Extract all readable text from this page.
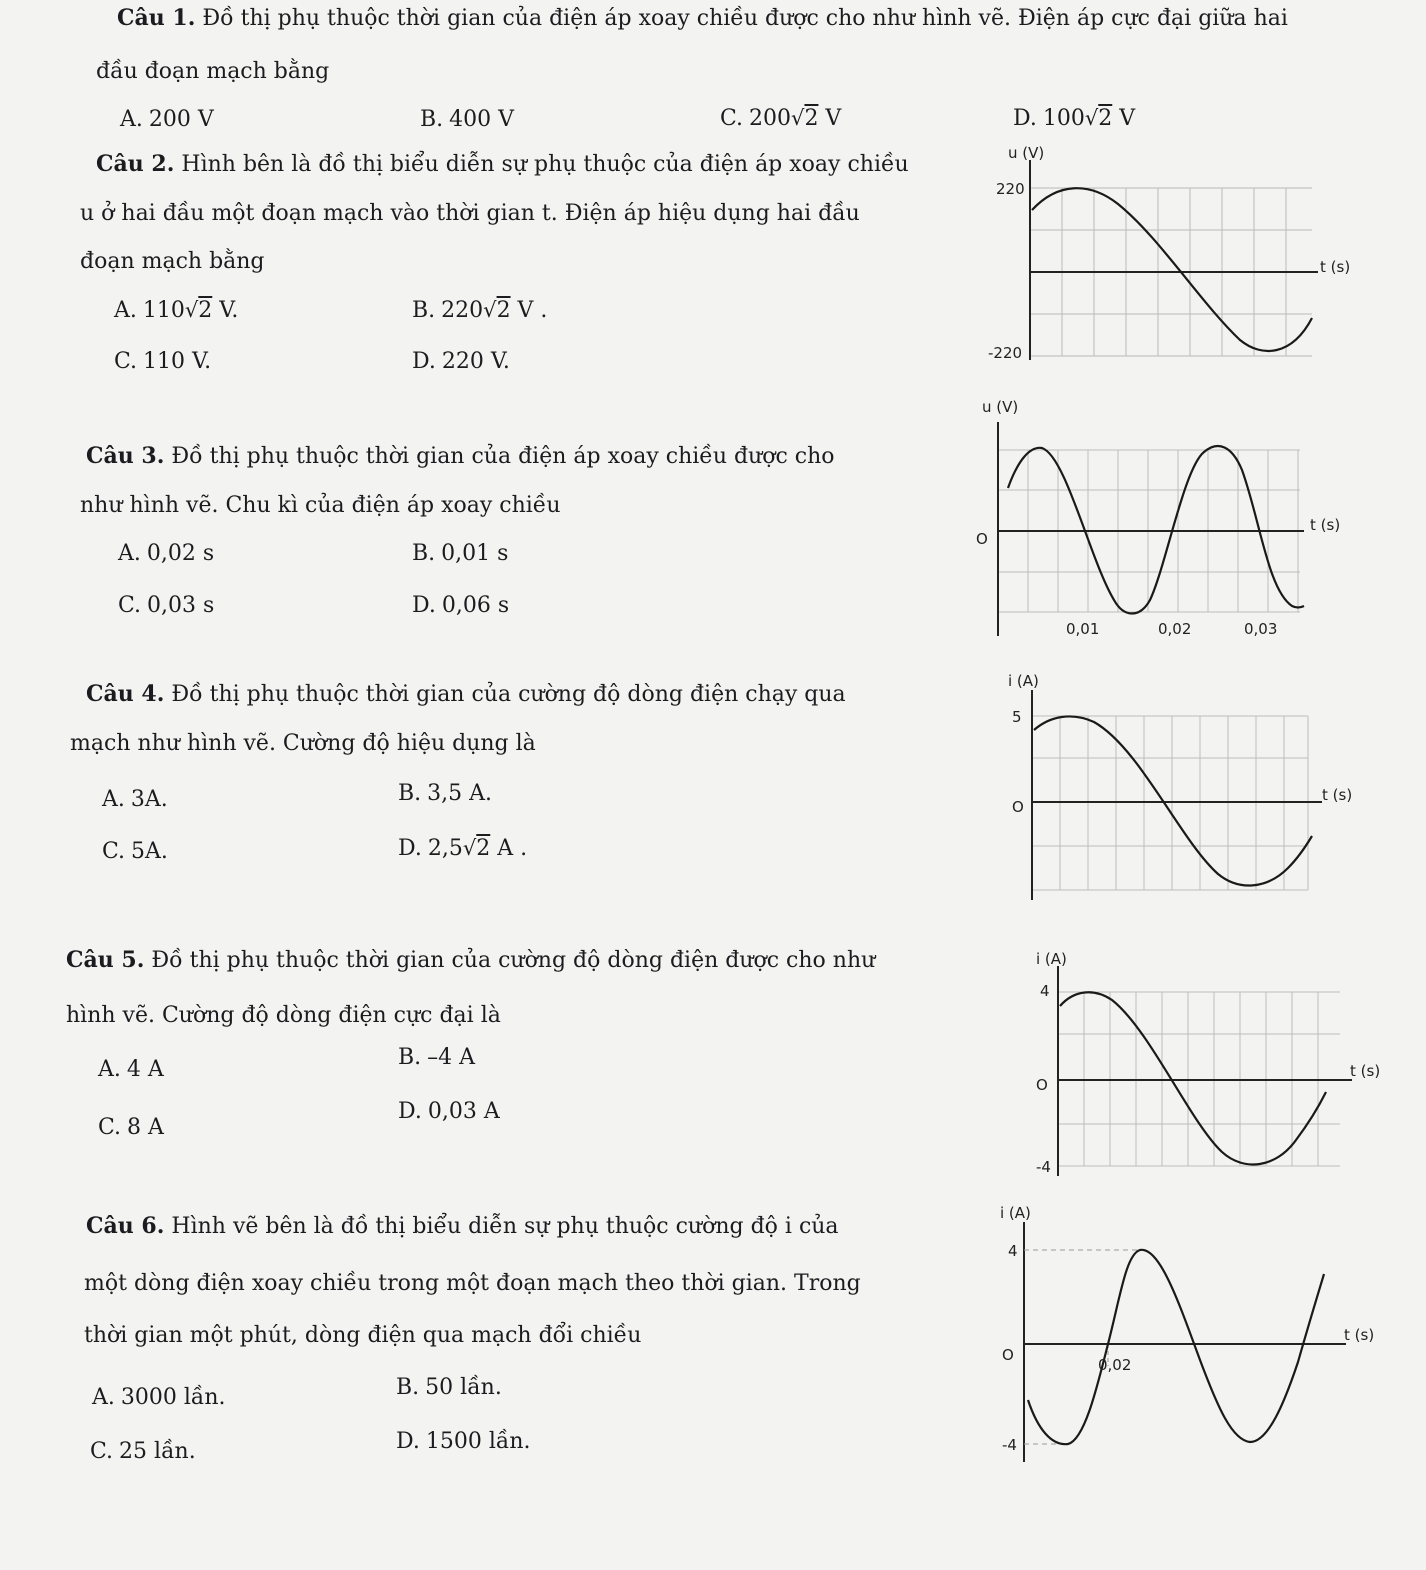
Câu 1. Đồ thị phụ thuộc thời gian của điện áp xoay chiều được cho như hình vẽ. Điện áp cực đại giữa hai
đầu đoạn mạch bằng
A. 200 V	B. 400 V	C. 200√2 V	D. 100√2 V
Câu 2. Hình bên là đồ thị biểu diễn sự phụ thuộc của điện áp xoay chiều
u ở hai đầu một đoạn mạch vào thời gian t. Điện áp hiệu dụng hai đầu
đoạn mạch bằng
A. 110√2 V.	B. 220√2 V .
C. 110 V.	D. 220 V.
u (V)
t (s)
220
-220
Câu 3. Đồ thị phụ thuộc thời gian của điện áp xoay chiều được cho
như hình vẽ. Chu kì của điện áp xoay chiều
A. 0,02 s	B. 0,01 s
C. 0,03 s	D. 0,06 s
u (V)
t (s)
O
0,01	0,02	0,03
Câu 4. Đồ thị phụ thuộc thời gian của cường độ dòng điện chạy qua
mạch như hình vẽ. Cường độ hiệu dụng là
A. 3A.	B. 3,5 A.
C. 5A.	D. 2,5√2 A .
i (A)
t (s)
O
5
Câu 5. Đồ thị phụ thuộc thời gian của cường độ dòng điện được cho như
hình vẽ. Cường độ dòng điện cực đại là
A. 4 A	B. –4 A
C. 8 A
D. 0,03 A
i (A)
t (s)
O
4
-4
Câu 6. Hình vẽ bên là đồ thị biểu diễn sự phụ thuộc cường độ i của
một dòng điện xoay chiều trong một đoạn mạch theo thời gian. Trong
thời gian một phút, dòng điện qua mạch đổi chiều
A. 3000 lần.	B. 50 lần.
C. 25 lần.	D. 1500 lần.
i (A)
t (s)
O
4
-4
0,02
